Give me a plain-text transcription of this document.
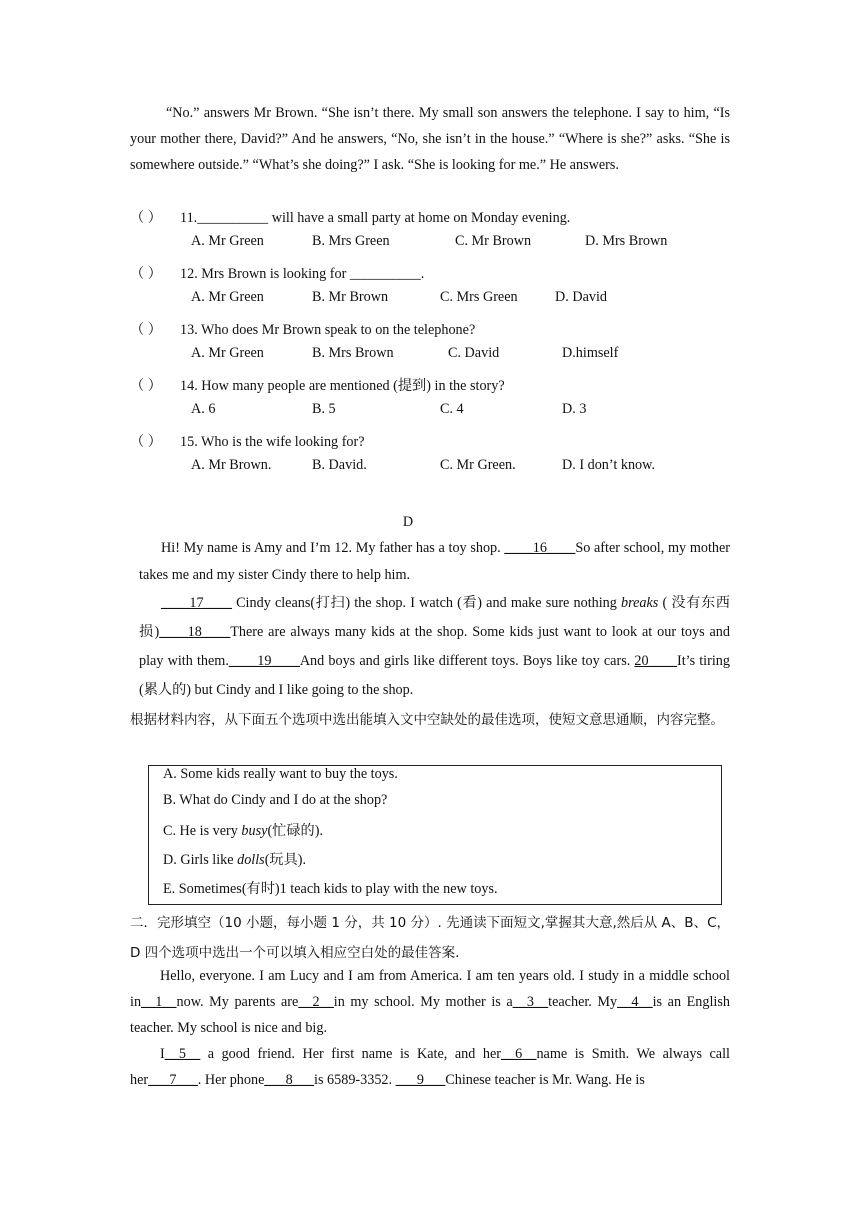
“No.” answers Mr Brown. “She isn’t there. My small son answers the telephone. I say to him, “Is your mother there, David?” And he answers, “No, she isn’t in the house.” “Where is she?” asks. “She is somewhere outside.” “What’s she doing?” I ask. “She is looking for me.” He answers.
（ ） 11.__________ will have a small party at home on Monday evening.
A. Mr Green	B. Mrs Green	C. Mr Brown	D. Mrs Brown
（ ） 12. Mrs Brown is looking for __________.
A. Mr Green	B. Mr Brown	C. Mrs Green	D. David
（ ） 13. Who does Mr Brown speak to on the telephone?
A. Mr Green	B. Mrs Brown	C. David	D.himself
（ ） 14. How many people are mentioned (提到) in the story?
A. 6	B. 5	C. 4	D. 3
（ ） 15. Who is the wife looking for?
A. Mr Brown.	B. David.	C. Mr Green.	D. I don’t know.
D
Hi! My name is Amy and I’m 12. My father has a toy shop. ____16____So after school, my mother takes me and my sister Cindy there to help him.
____17____ Cindy cleans(打扫) the shop. I watch (看) and make sure nothing breaks ( 没有东西损)____18____There are always many kids at the shop. Some kids just want to look at our toys and play with them.____19____And boys and girls like different toys. Boys like toy cars. 20____It’s tiring (累人的) but Cindy and I like going to the shop.
根据材料内容，从下面五个选项中选出能填入文中空缺处的最佳选项，使短文意思通顺，内容完整。
A. Some kids really want to buy the toys.
B. What do Cindy and I do at the shop?
C. He is very busy(忙碌的).
D. Girls like dolls(玩具).
E. Sometimes(有时)1 teach kids to play with the new toys.
二．完形填空（10 小题，每小题 1 分，共 10 分）. 先通读下面短文,掌握其大意,然后从 A、B、C， D 四个选项中选出一个可以填入相应空白处的最佳答案.
Hello, everyone. I am Lucy and I am from America. I am ten years old. I study in a middle school in__1__now. My parents are__2__in my school. My mother is a__3__teacher. My__4__is an English teacher. My school is nice and big.
I__5__ a good friend. Her first name is Kate, and her__6__name is Smith. We always call her___7___. Her phone___8___is 6589-3352. ___9___Chinese teacher is Mr. Wang. He is
